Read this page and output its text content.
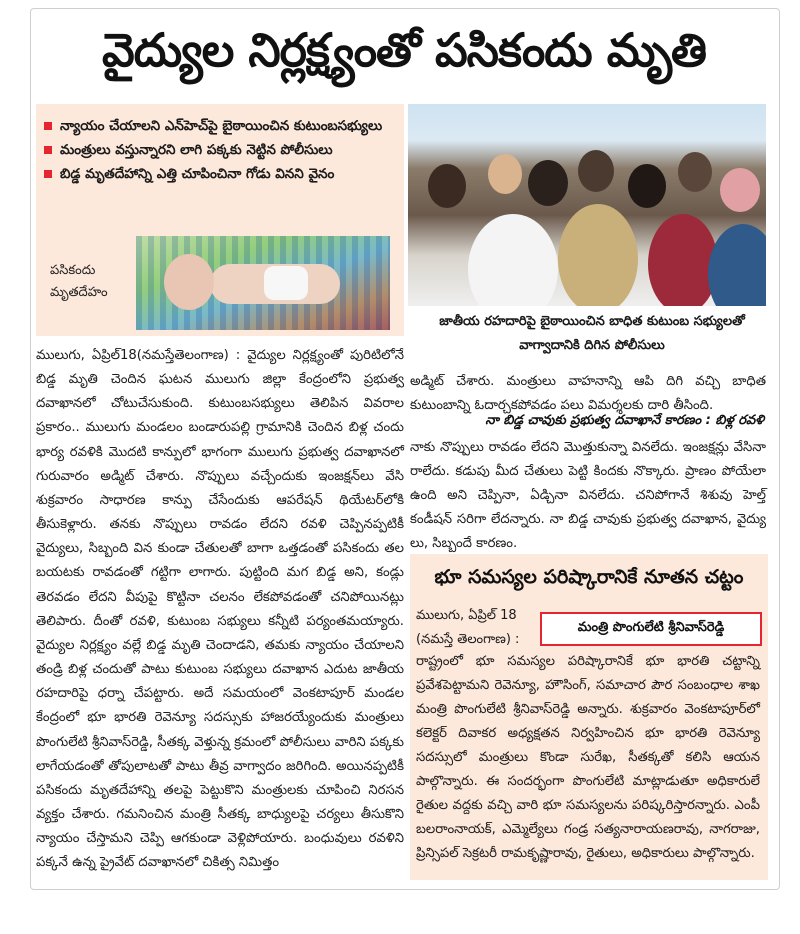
వైద్యుల నిర్లక్ష్యంతో పసికందు మృతి
న్యాయం చేయాలని ఎన్‌హెచ్‌పై బైఠాయించిన కుటుంబసభ్యులు
మంత్రులు వస్తున్నారని లాగి పక్కకు నెట్టిన పోలీసులు
బిడ్డ మృతదేహాన్ని ఎత్తి చూపించినా గోడు వినని వైనం
పసికందు మృతదేహం
జాతీయ రహదారిపై బైఠాయించిన బాధిత కుటుంబ సభ్యులతో వాగ్వాదానికి దిగిన పోలీసులు

ములుగు, ఏప్రిల్18(నమస్తేతెలంగాణ) : వైద్యుల నిర్లక్ష్యంతో పురిటిలోనే బిడ్డ మృతి చెందిన ఘటన ములుగు జిల్లా కేంద్రంలోని ప్రభుత్వ దవాఖానలో చోటుచేసుకుంది. కుటుంబసభ్యులు తెలిపిన వివరాల ప్రకారం.. ములుగు మండలం బండారుపల్లి గ్రామానికి చెందిన బిళ్ల చందు భార్య రవళికి మొదటి కాన్పులో భాగంగా ములుగు ప్రభుత్వ దవాఖానలో గురువారం అడ్మిట్ చేశారు. నొప్పులు వచ్చేందుకు ఇంజక్షన్‌లు వేసి శుక్రవారం సాధారణ కాన్పు చేసేందుకు ఆపరేషన్ థియేటర్‌లోకి తీసుకెళ్లారు. తనకు నొప్పులు రావడం లేదని రవళి చెప్పినప్పటికీ వైద్యులు, సిబ్బంది విన కుండా చేతులతో బాగా ఒత్తడంతో పసికందు తల బయటకు రావడంతో గట్టిగా లాగారు. పుట్టింది మగ బిడ్డ అని, కండ్లు తెరవడం లేదని వీపుపై కొట్టినా చలనం లేకపోవడంతో చనిపోయినట్లు తెలిపారు. దీంతో రవళి, కుటుంబ సభ్యులు కన్నీటి పర్యంతమయ్యారు. వైద్యుల నిర్లక్ష్యం వల్లే బిడ్డ మృతి చెందాడని, తమకు న్యాయం చేయాలని తండ్రి బిళ్ల చందుతో పాటు కుటుంబ సభ్యులు దవాఖాన ఎదుట జాతీయ రహదారిపై ధర్నా చేపట్టారు. అదే సమయంలో వెంకటాపూర్ మండల కేంద్రంలో భూ భారతి రెవెన్యూ సదస్సుకు హాజరయ్యేందుకు మంత్రులు పొంగులేటి శ్రీనివాస్‌రెడ్డి, సీతక్క వెళ్తున్న క్రమంలో పోలీసులు వారిని పక్కకు లాగేయడంతో తోపులాటతో పాటు తీవ్ర వాగ్వాదం జరిగింది. అయినప్పటికీ పసికందు మృతదేహాన్ని తలపై పెట్టుకొని మంత్రులకు చూపించి నిరసన వ్యక్తం చేశారు. గమనించిన మంత్రి సీతక్క బాధ్యులపై చర్యలు తీసుకొని న్యాయం చేస్తామని చెప్పి ఆగకుండా వెళ్లిపోయారు. బంధువులు రవళిని పక్కనే ఉన్న ప్రైవేట్ దవాఖానలో చికిత్స నిమిత్తం

అడ్మిట్ చేశారు. మంత్రులు వాహనాన్ని ఆపి దిగి వచ్చి బాధిత కుటుంబాన్ని ఓదార్చకపోవడం పలు విమర్శలకు దారి తీసింది.

నా బిడ్డ చావుకు ప్రభుత్వ దవాఖానే కారణం : బిళ్ల రవళి

నాకు నొప్పులు రావడం లేదని మొత్తుకున్నా వినలేదు. ఇంజక్షన్లు వేసినా రాలేదు. కడుపు మీద చేతులు పెట్టి కిందకు నొక్కారు. ప్రాణం పోయేలా ఉంది అని చెప్పినా, ఏడ్చినా వినలేదు. చనిపోగానే శిశువు హెల్త్ కండీషన్ సరిగా లేదన్నారు. నా బిడ్డ చావుకు ప్రభుత్వ దవాఖాన, వైద్యు లు, సిబ్బందే కారణం.

భూ సమస్యల పరిష్కారానికే నూతన చట్టం
ములుగు, ఏప్రిల్ 18 (నమస్తే తెలంగాణ) :
మంత్రి పొంగులేటి శ్రీనివాస్‌రెడ్డి

రాష్ట్రంలో భూ సమస్యల పరిష్కారానికే భూ భారతి చట్టాన్ని ప్రవేశపెట్టామని రెవెన్యూ, హౌసింగ్, సమాచార పౌర సంబంధాల శాఖ మంత్రి పొంగులేటి శ్రీనివాస్‌రెడ్డి అన్నారు. శుక్రవారం వెంకటాపూర్‌లో కలెక్టర్ దివాకర అధ్యక్షతన నిర్వహించిన భూ భారతి రెవెన్యూ సదస్సులో మంత్రులు కొండా సురేఖ, సీతక్కతో కలిసి ఆయన పాల్గొన్నారు. ఈ సందర్భంగా పొంగులేటి మాట్లాడుతూ అధికారులే రైతుల వద్దకు వచ్చి వారి భూ సమస్యలను పరిష్కరిస్తారన్నారు. ఎంపీ బలరాంనాయక్, ఎమ్మెల్యేలు గండ్ర సత్యనారాయణరావు, నాగరాజు, ప్రిన్సిపల్ సెక్రటరీ రామకృష్ణారావు, రైతులు, అధికారులు పాల్గొన్నారు.
